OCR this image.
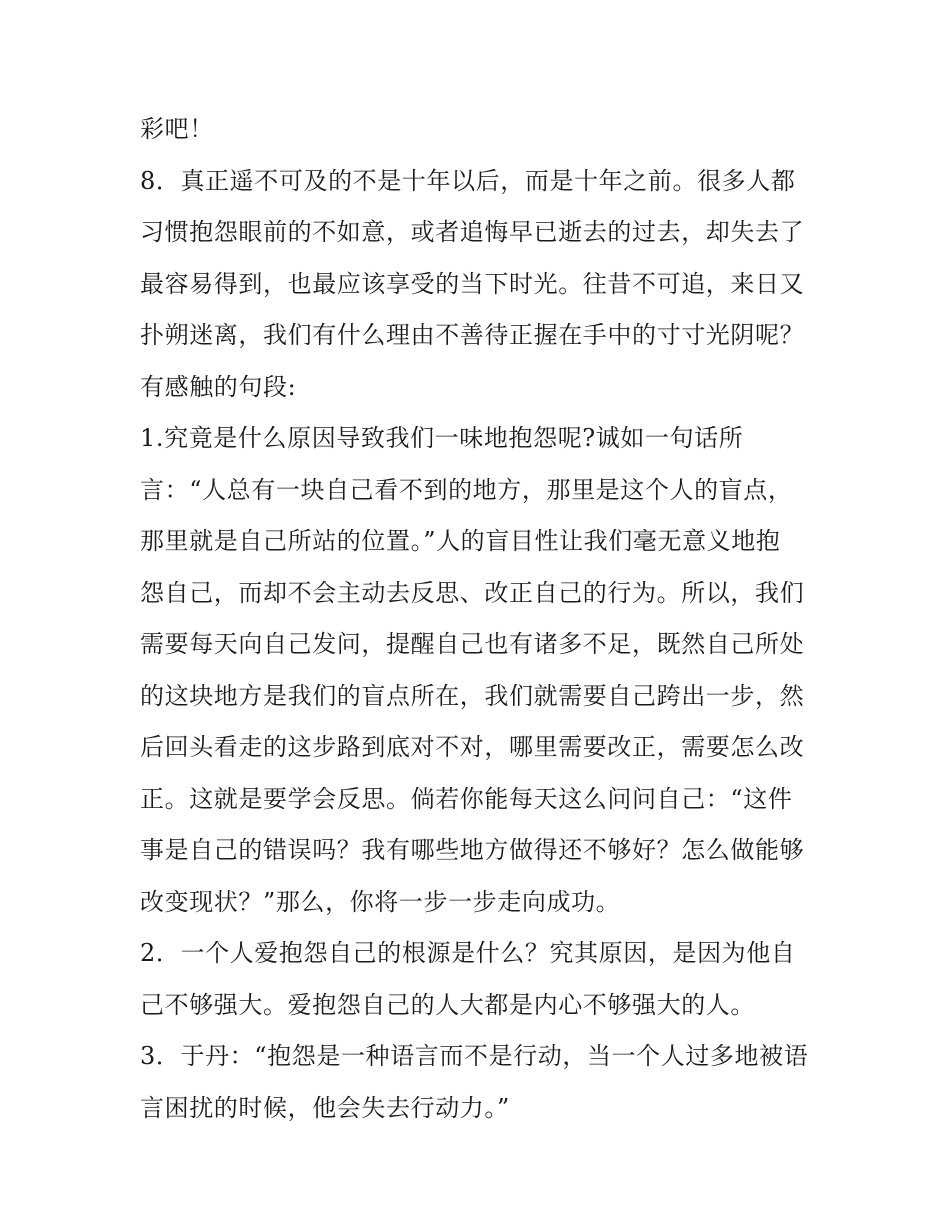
彩吧！
8．真正遥不可及的不是十年以后，而是十年之前。很多人都
习惯抱怨眼前的不如意，或者追悔早已逝去的过去，却失去了
最容易得到，也最应该享受的当下时光。往昔不可追，来日又
扑朔迷离，我们有什么理由不善待正握在手中的寸寸光阴呢？
有感触的句段:
1.究竟是什么原因导致我们一味地抱怨呢?诚如一句话所
言：“人总有一块自己看不到的地方，那里是这个人的盲点，
那里就是自己所站的位置。”人的盲目性让我们毫无意义地抱
怨自己，而却不会主动去反思、改正自己的行为。所以，我们
需要每天向自己发问，提醒自己也有诸多不足，既然自己所处
的这块地方是我们的盲点所在，我们就需要自己跨出一步，然
后回头看走的这步路到底对不对，哪里需要改正，需要怎么改
正。这就是要学会反思。倘若你能每天这么问问自己：“这件
事是自己的错误吗？我有哪些地方做得还不够好？怎么做能够
改变现状？”那么，你将一步一步走向成功。
2．一个人爱抱怨自己的根源是什么？究其原因，是因为他自
己不够强大。爱抱怨自己的人大都是内心不够强大的人。
3．于丹：“抱怨是一种语言而不是行动，当一个人过多地被语
言困扰的时候，他会失去行动力。”
